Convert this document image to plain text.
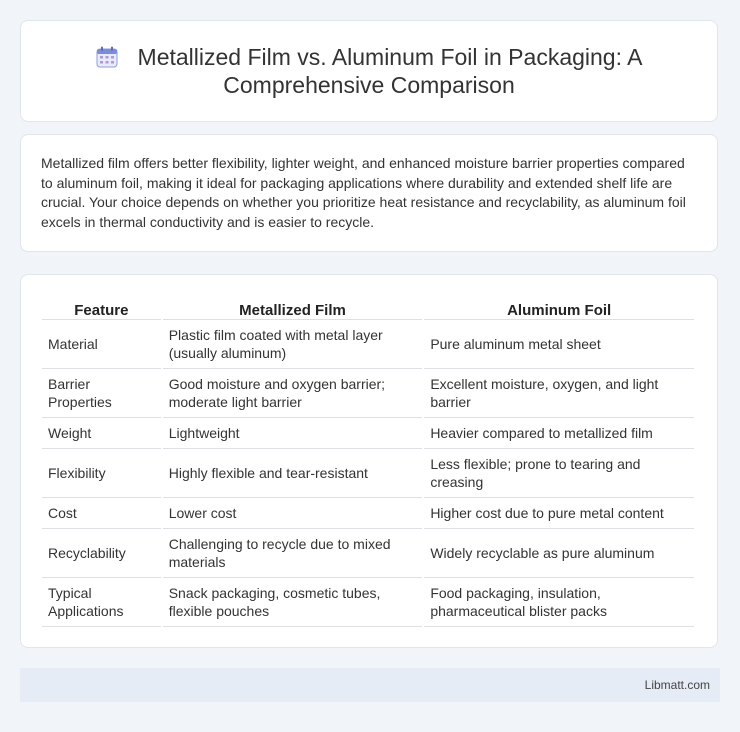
Metallized Film vs. Aluminum Foil in Packaging: A Comprehensive Comparison

Metallized film offers better flexibility, lighter weight, and enhanced moisture barrier properties compared to aluminum foil, making it ideal for packaging applications where durability and extended shelf life are crucial. Your choice depends on whether you prioritize heat resistance and recyclability, as aluminum foil excels in thermal conductivity and is easier to recycle.

Feature	Metallized Film	Aluminum Foil
Material	Plastic film coated with metal layer (usually aluminum)	Pure aluminum metal sheet
Barrier Properties	Good moisture and oxygen barrier; moderate light barrier	Excellent moisture, oxygen, and light barrier
Weight	Lightweight	Heavier compared to metallized film
Flexibility	Highly flexible and tear-resistant	Less flexible; prone to tearing and creasing
Cost	Lower cost	Higher cost due to pure metal content
Recyclability	Challenging to recycle due to mixed materials	Widely recyclable as pure aluminum
Typical Applications	Snack packaging, cosmetic tubes, flexible pouches	Food packaging, insulation, pharmaceutical blister packs
Libmatt.com
